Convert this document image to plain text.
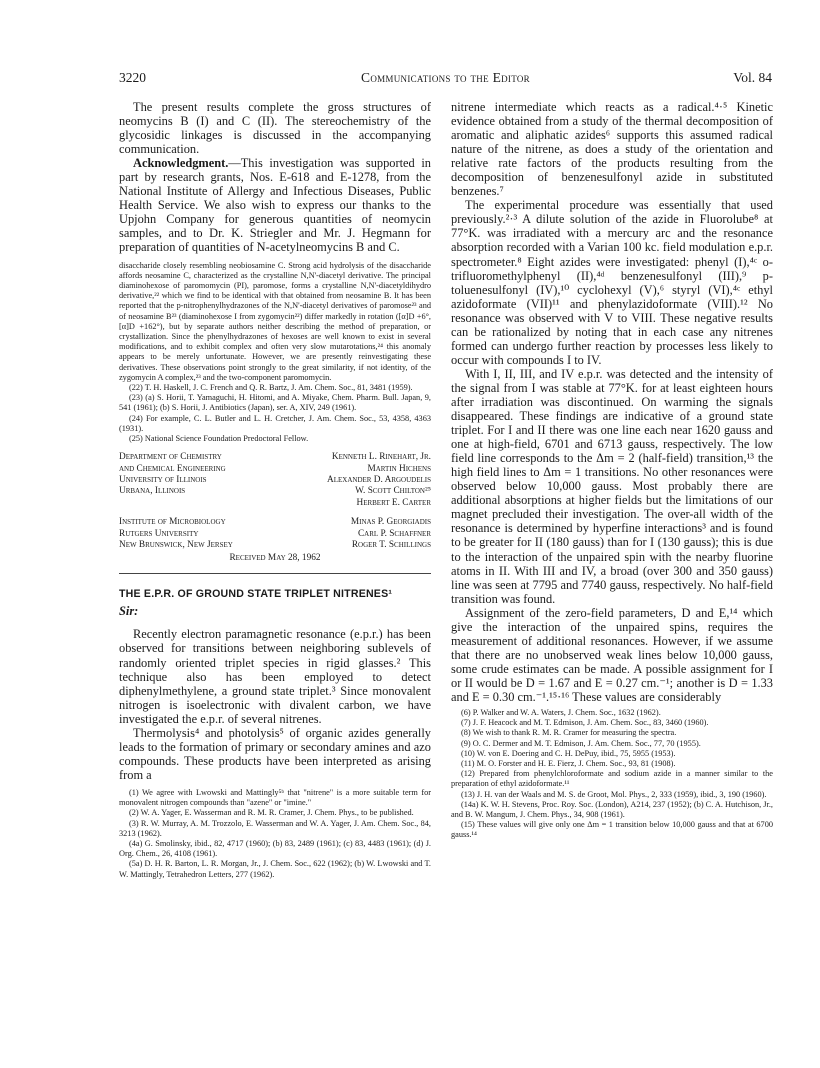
3220	Communications to the Editor	Vol. 84

The present results complete the gross structures of neomycins B (I) and C (II). The stereochemistry of the glycosidic linkages is discussed in the accompanying communication.

Acknowledgment.—This investigation was supported in part by research grants, Nos. E-618 and E-1278, from the National Institute of Allergy and Infectious Diseases, Public Health Service. We also wish to express our thanks to the Upjohn Company for generous quantities of neomycin samples, and to Dr. K. Striegler and Mr. J. Hegmann for preparation of quantities of N-acetylneomycins B and C.

disaccharide closely resembling neobiosamine C. Strong acid hydrolysis of the disaccharide affords neosamine C, characterized as the crystalline N,N'-diacetyl derivative. The principal diaminohexose of paromomycin (PI), paromose, forms a crystalline N,N'-diacetyldihydro derivative,²² which we find to be identical with that obtained from neosamine B. It has been reported that the p-nitrophenylhydrazones of the N,N'-diacetyl derivatives of paromose²³ and of neosamine B²³ (diaminohexose I from zygomycin²²) differ markedly in rotation ([α]D +6°, [α]D +162°), but by separate authors neither describing the method of preparation, or crystallization. Since the phenylhydrazones of hexoses are well known to exist in several modifications, and to exhibit complex and often very slow mutarotations,²⁴ this anomaly appears to be merely unfortunate. However, we are presently reinvestigating these derivatives. These observations point strongly to the great similarity, if not identity, of the zygomycin A complex,²³ and the two-component paromomycin.

(22) T. H. Haskell, J. C. French and Q. R. Bartz, J. Am. Chem. Soc., 81, 3481 (1959).

(23) (a) S. Horii, T. Yamaguchi, H. Hitomi, and A. Miyake, Chem. Pharm. Bull. Japan, 9, 541 (1961); (b) S. Horii, J. Antibiotics (Japan), ser. A, XIV, 249 (1961).

(24) For example, C. L. Butler and L. H. Cretcher, J. Am. Chem. Soc., 53, 4358, 4363 (1931).

(25) National Science Foundation Predoctoral Fellow.

Department of Chemistry	Kenneth L. Rinehart, Jr.
and Chemical Engineering	Martin Hichens
University of Illinois	Alexander D. Argoudelis
Urbana, Illinois	W. Scott Chilton²⁵
Herbert E. Carter
Institute of Microbiology	Minas P. Georgiadis
Rutgers University	Carl P. Schaffner
New Brunswick, New Jersey	Roger T. Schillings
Received May 28, 1962

THE E.P.R. OF GROUND STATE TRIPLET NITRENES¹

Sir:

Recently electron paramagnetic resonance (e.p.r.) has been observed for transitions between neighboring sublevels of randomly oriented triplet species in rigid glasses.² This technique also has been employed to detect diphenylmethylene, a ground state triplet.³ Since monovalent nitrogen is isoelectronic with divalent carbon, we have investigated the e.p.r. of several nitrenes.

Thermolysis⁴ and photolysis⁵ of organic azides generally leads to the formation of primary or secondary amines and azo compounds. These products have been interpreted as arising from a

(1) We agree with Lwowski and Mattingly⁵ᵇ that "nitrene" is a more suitable term for monovalent nitrogen compounds than "azene" or "imine."

(2) W. A. Yager, E. Wasserman and R. M. R. Cramer, J. Chem. Phys., to be published.

(3) R. W. Murray, A. M. Trozzolo, E. Wasserman and W. A. Yager, J. Am. Chem. Soc., 84, 3213 (1962).

(4a) G. Smolinsky, ibid., 82, 4717 (1960); (b) 83, 2489 (1961); (c) 83, 4483 (1961); (d) J. Org. Chem., 26, 4108 (1961).

(5a) D. H. R. Barton, L. R. Morgan, Jr., J. Chem. Soc., 622 (1962); (b) W. Lwowski and T. W. Mattingly, Tetrahedron Letters, 277 (1962).

nitrene intermediate which reacts as a radical.⁴·⁵ Kinetic evidence obtained from a study of the thermal decomposition of aromatic and aliphatic azides⁶ supports this assumed radical nature of the nitrene, as does a study of the orientation and relative rate factors of the products resulting from the decomposition of benzenesulfonyl azide in substituted benzenes.⁷

The experimental procedure was essentially that used previously.²·³ A dilute solution of the azide in Fluorolube⁸ at 77°K. was irradiated with a mercury arc and the resonance absorption recorded with a Varian 100 kc. field modulation e.p.r. spectrometer.⁸ Eight azides were investigated: phenyl (I),⁴ᶜ o-trifluoromethylphenyl (II),⁴ᵈ benzenesulfonyl (III),⁹ p-toluenesulfonyl (IV),¹⁰ cyclohexyl (V),⁶ styryl (VI),⁴ᶜ ethyl azidoformate (VII)¹¹ and phenylazidoformate (VIII).¹² No resonance was observed with V to VIII. These negative results can be rationalized by noting that in each case any nitrenes formed can undergo further reaction by processes less likely to occur with compounds I to IV.

With I, II, III, and IV e.p.r. was detected and the intensity of the signal from I was stable at 77°K. for at least eighteen hours after irradiation was discontinued. On warming the signals disappeared. These findings are indicative of a ground state triplet. For I and II there was one line each near 1620 gauss and one at high-field, 6701 and 6713 gauss, respectively. The low field line corresponds to the Δm = 2 (half-field) transition,¹³ the high field lines to Δm = 1 transitions. No other resonances were observed below 10,000 gauss. Most probably there are additional absorptions at higher fields but the limitations of our magnet precluded their investigation. The over-all width of the resonance is determined by hyperfine interactions³ and is found to be greater for II (180 gauss) than for I (130 gauss); this is due to the interaction of the unpaired spin with the nearby fluorine atoms in II. With III and IV, a broad (over 300 and 350 gauss) line was seen at 7795 and 7740 gauss, respectively. No half-field transition was found.

Assignment of the zero-field parameters, D and E,¹⁴ which give the interaction of the unpaired spins, requires the measurement of additional resonances. However, if we assume that there are no unobserved weak lines below 10,000 gauss, some crude estimates can be made. A possible assignment for I or II would be D = 1.67 and E = 0.27 cm.⁻¹; another is D = 1.33 and E = 0.30 cm.⁻¹.¹⁵·¹⁶ These values are considerably

(6) P. Walker and W. A. Waters, J. Chem. Soc., 1632 (1962).

(7) J. F. Heacock and M. T. Edmison, J. Am. Chem. Soc., 83, 3460 (1960).

(8) We wish to thank R. M. R. Cramer for measuring the spectra.

(9) O. C. Dermer and M. T. Edmison, J. Am. Chem. Soc., 77, 70 (1955).

(10) W. von E. Doering and C. H. DePuy, ibid., 75, 5955 (1953).

(11) M. O. Forster and H. E. Fierz, J. Chem. Soc., 93, 81 (1908).

(12) Prepared from phenylchloroformate and sodium azide in a manner similar to the preparation of ethyl azidoformate.¹¹

(13) J. H. van der Waals and M. S. de Groot, Mol. Phys., 2, 333 (1959), ibid., 3, 190 (1960).

(14a) K. W. H. Stevens, Proc. Roy. Soc. (London), A214, 237 (1952); (b) C. A. Hutchison, Jr., and B. W. Mangum, J. Chem. Phys., 34, 908 (1961).

(15) These values will give only one Δm = 1 transition below 10,000 gauss and that at 6700 gauss.¹⁴
